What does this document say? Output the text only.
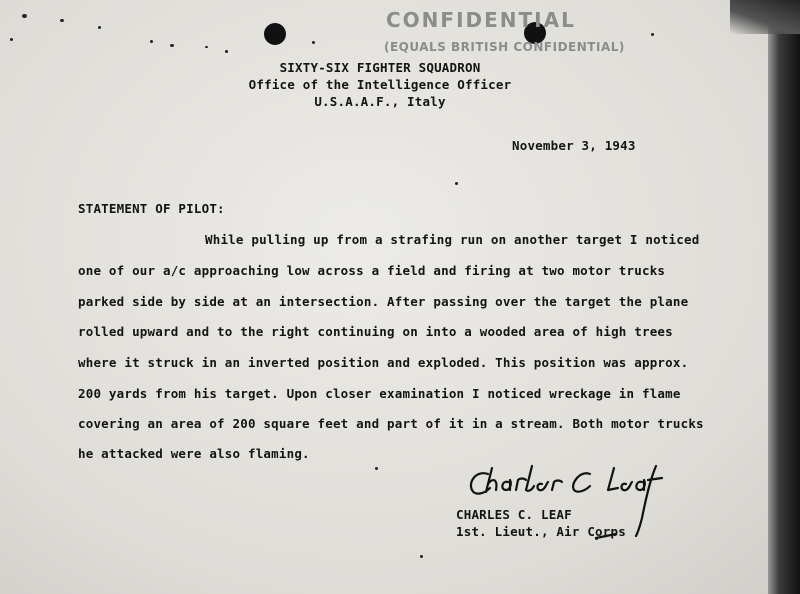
CONFIDENTIAL
(EQUALS BRITISH CONFIDENTIAL)
SIXTY-SIX FIGHTER SQUADRON
Office of the Intelligence Officer
U.S.A.A.F., Italy
November 3, 1943
STATEMENT OF PILOT:
While pulling up from a strafing run on another target I noticed
one of our a/c approaching low across a field and firing at two motor trucks
parked side by side at an intersection. After passing over the target the plane
rolled upward and to the right continuing on into a wooded area of high trees
where it struck in an inverted position and exploded. This position was approx.
200 yards from his target. Upon closer examination I noticed wreckage in flame
covering an area of 200 square feet and part of it in a stream. Both motor trucks
he attacked were also flaming.
CHARLES C. LEAF
1st. Lieut., Air Corps
